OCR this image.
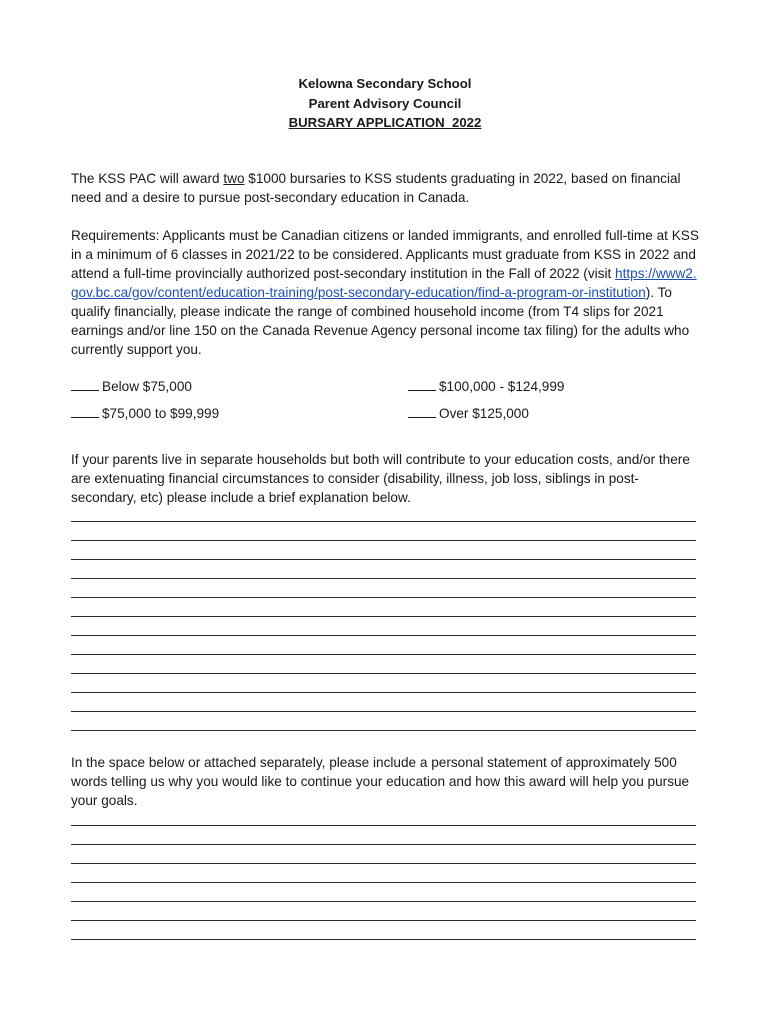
Kelowna Secondary School
Parent Advisory Council
BURSARY APPLICATION  2022
The KSS PAC will award two $1000 bursaries to KSS students graduating in 2022, based on financial need and a desire to pursue post-secondary education in Canada.
Requirements: Applicants must be Canadian citizens or landed immigrants, and enrolled full-time at KSS in a minimum of 6 classes in 2021/22 to be considered. Applicants must graduate from KSS in 2022 and attend a full-time provincially authorized post-secondary institution in the Fall of 2022 (visit https://www2.gov.bc.ca/gov/content/education-training/post-secondary-education/find-a-program-or-institution). To qualify financially, please indicate the range of combined household income (from T4 slips for 2021 earnings and/or line 150 on the Canada Revenue Agency personal income tax filing) for the adults who currently support you.
Below $75,000	$100,000 - $124,999
$75,000 to $99,999	Over $125,000
If your parents live in separate households but both will contribute to your education costs, and/or there are extenuating financial circumstances to consider (disability, illness, job loss, siblings in post-secondary, etc) please include a brief explanation below.
In the space below or attached separately, please include a personal statement of approximately 500 words telling us why you would like to continue your education and how this award will help you pursue your goals.
